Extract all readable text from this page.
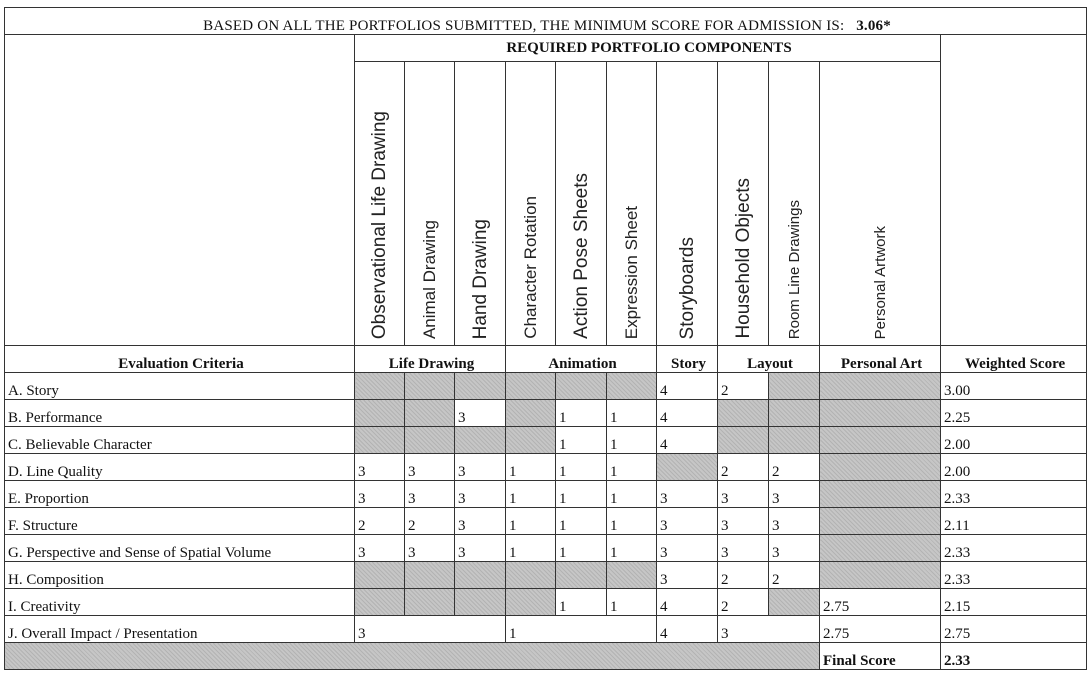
BASED ON ALL THE PORTFOLIOS SUBMITTED, THE MINIMUM SCORE FOR ADMISSION IS: 3.06*											
	REQUIRED PORTFOLIO COMPONENTS										

	Observational Life Drawing	Animal Drawing	Hand Drawing	Character Rotation	Action Pose Sheets	Expression Sheet	Storyboards	Household Objects	Room Line Drawings	Personal Artwork	

Evaluation Criteria	Life Drawing			Animation			Story	Layout		Personal Art	Weighted Score
A. Story							4	2			3.00
B. Performance			3		1	1	4				2.25
C. Believable Character					1	1	4				2.00
D. Line Quality	3	3	3	1	1	1		2	2		2.00
E. Proportion	3	3	3	1	1	1	3	3	3		2.33
F. Structure	2	2	3	1	1	1	3	3	3		2.11
G. Perspective and Sense of Spatial Volume	3	3	3	1	1	1	3	3	3		2.33
H. Composition							3	2	2		2.33
I. Creativity					1	1	4	2		2.75	2.15
J. Overall Impact / Presentation	3			1			4	3		2.75	2.75
										Final Score	2.33
